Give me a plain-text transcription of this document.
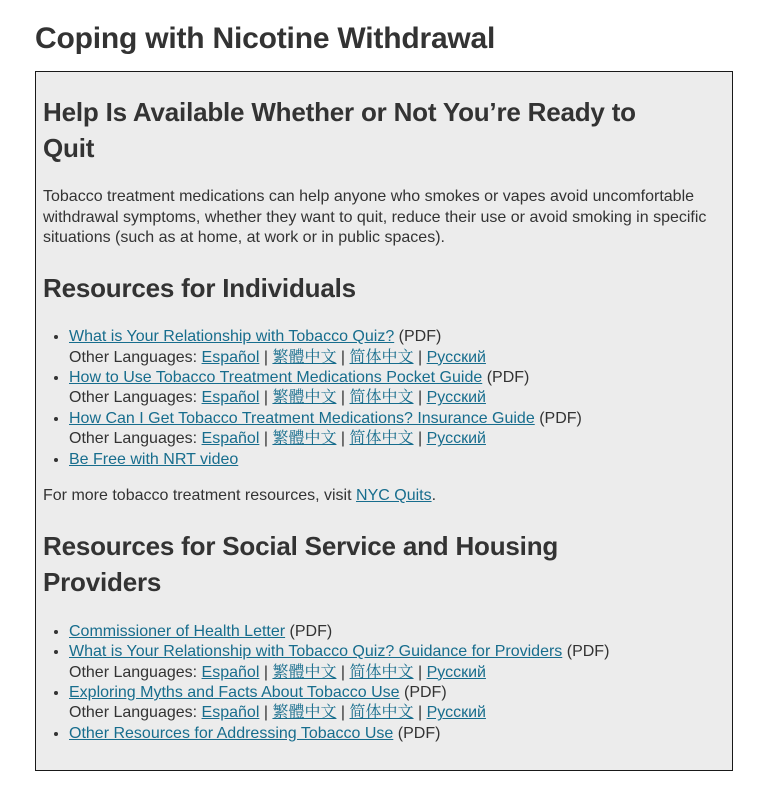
Coping with Nicotine Withdrawal
Help Is Available Whether or Not You’re Ready to Quit

Tobacco treatment medications can help anyone who smokes or vapes avoid uncomfortable withdrawal symptoms, whether they want to quit, reduce their use or avoid smoking in specific situations (such as at home, at work or in public spaces).

Resources for Individuals
• What is Your Relationship with Tobacco Quiz? (PDF)
Other Languages: Español | 繁體中文 | 简体中文 | Русский
• How to Use Tobacco Treatment Medications Pocket Guide (PDF)
Other Languages: Español | 繁體中文 | 简体中文 | Русский
• How Can I Get Tobacco Treatment Medications? Insurance Guide (PDF)
Other Languages: Español | 繁體中文 | 简体中文 | Русский
• Be Free with NRT video

For more tobacco treatment resources, visit NYC Quits.

Resources for Social Service and Housing Providers
• Commissioner of Health Letter (PDF)
• What is Your Relationship with Tobacco Quiz? Guidance for Providers (PDF)
Other Languages: Español | 繁體中文 | 简体中文 | Русский
• Exploring Myths and Facts About Tobacco Use (PDF)
Other Languages: Español | 繁體中文 | 简体中文 | Русский
• Other Resources for Addressing Tobacco Use (PDF)
